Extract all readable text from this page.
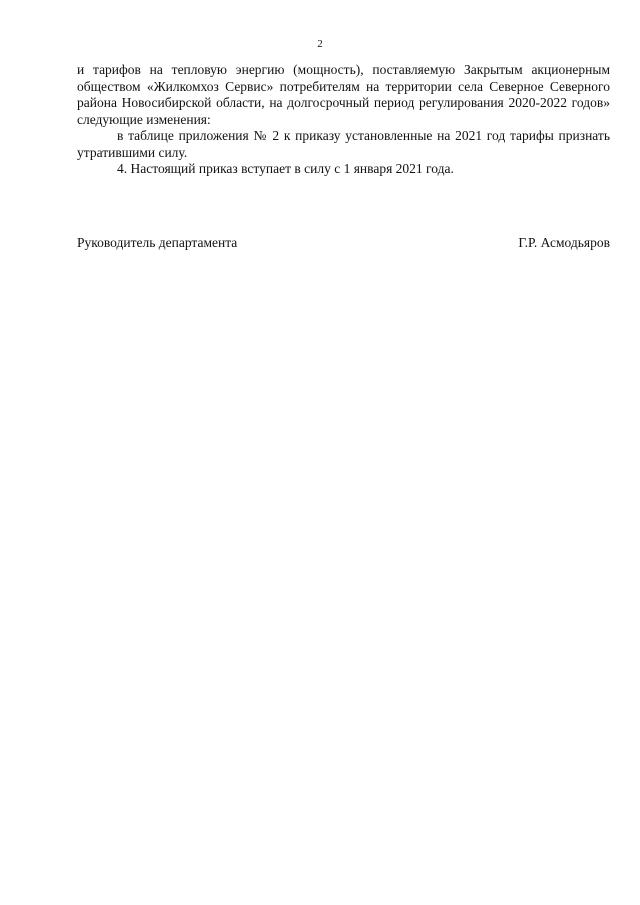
2

и тарифов на тепловую энергию (мощность), поставляемую Закрытым акционерным обществом «Жилкомхоз Сервис» потребителям на территории села Северное Северного района Новосибирской области, на долгосрочный период регулирования 2020-2022 годов» следующие изменения:

в таблице приложения № 2 к приказу установленные на 2021 год тарифы признать утратившими силу.

4. Настоящий приказ вступает в силу с 1 января 2021 года.

Руководитель департамента	Г.Р. Асмодьяров
